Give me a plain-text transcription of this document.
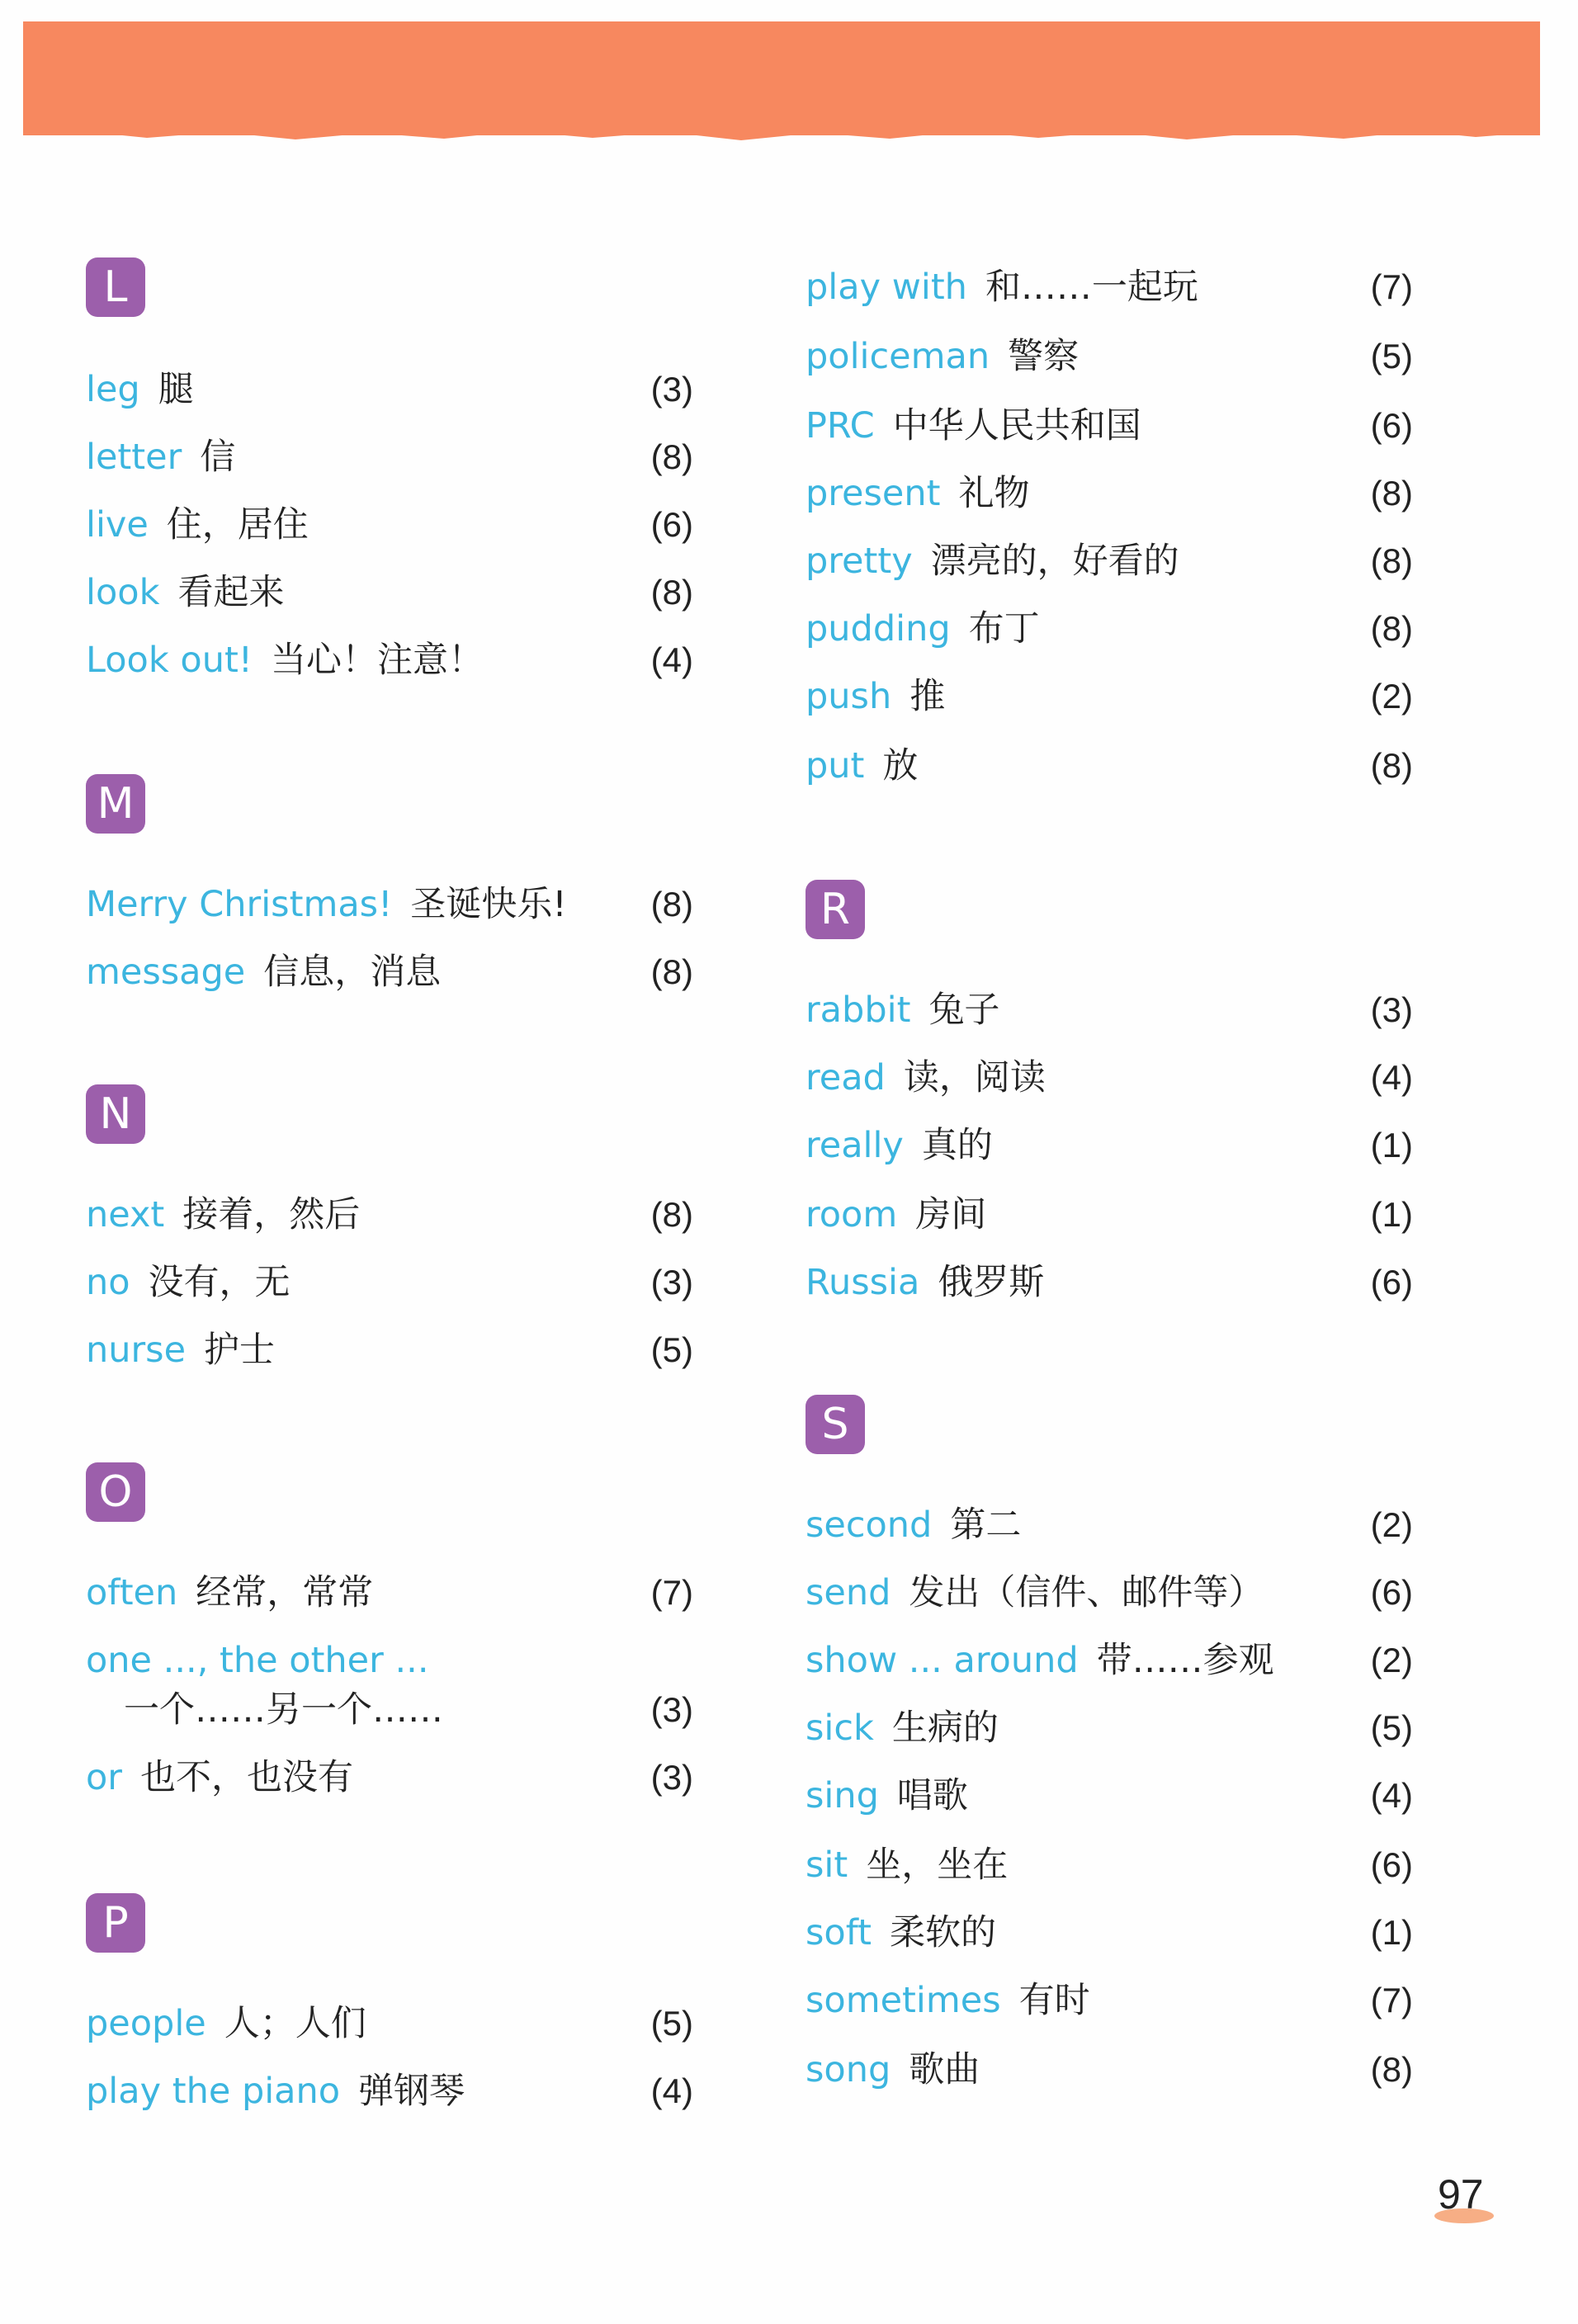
L
leg 腿	(3)
letter 信	(8)
live 住，居住	(6)
look 看起来	(8)
Look out! 当心！注意！	(4)
M
Merry Christmas! 圣诞快乐! (8)
message 信息，消息	(8)
N
next 接着，然后	(8)
no 没有，无	(3)
nurse 护士	(5)
O
often 经常，常常	(7)
one ..., the other ...
一个……另一个……	(3)
or 也不，也没有	(3)
P
people 人；人们	(5)
play the piano 弹钢琴	(4)
play with 和……一起玩	(7)
policeman 警察	(5)
PRC 中华人民共和国	(6)
present 礼物	(8)
pretty 漂亮的，好看的	(8)
pudding 布丁	(8)
push 推	(2)
put 放	(8)
R
rabbit 兔子	(3)
read 读，阅读	(4)
really 真的	(1)
room 房间	(1)
Russia 俄罗斯	(6)
S
second 第二	(2)
send 发出（信件、邮件等）	(6)
show ... around 带……参观	(2)
sick 生病的	(5)
sing 唱歌	(4)
sit 坐，坐在	(6)
soft 柔软的	(1)
sometimes 有时	(7)
song 歌曲	(8)
97
